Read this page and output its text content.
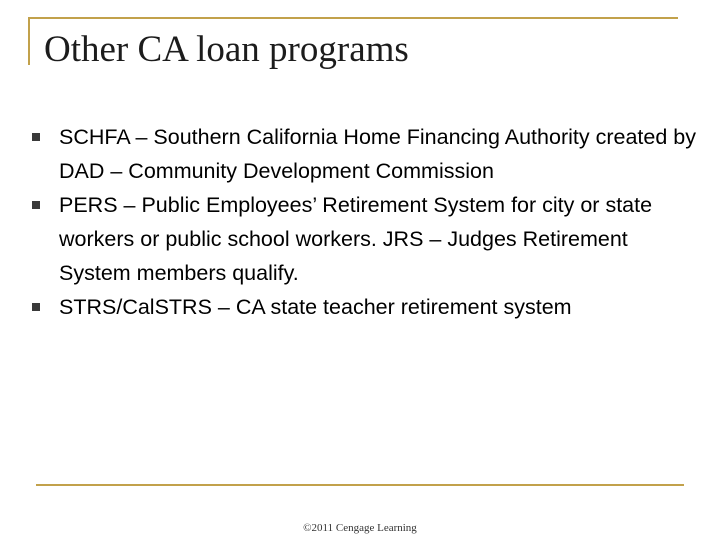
Other CA loan programs
SCHFA – Southern California Home Financing Authority created by DAD – Community Development Commission
PERS – Public Employees’ Retirement System for city or state workers or public school workers. JRS – Judges Retirement System members qualify.
STRS/CalSTRS – CA state teacher retirement system
©2011 Cengage Learning
